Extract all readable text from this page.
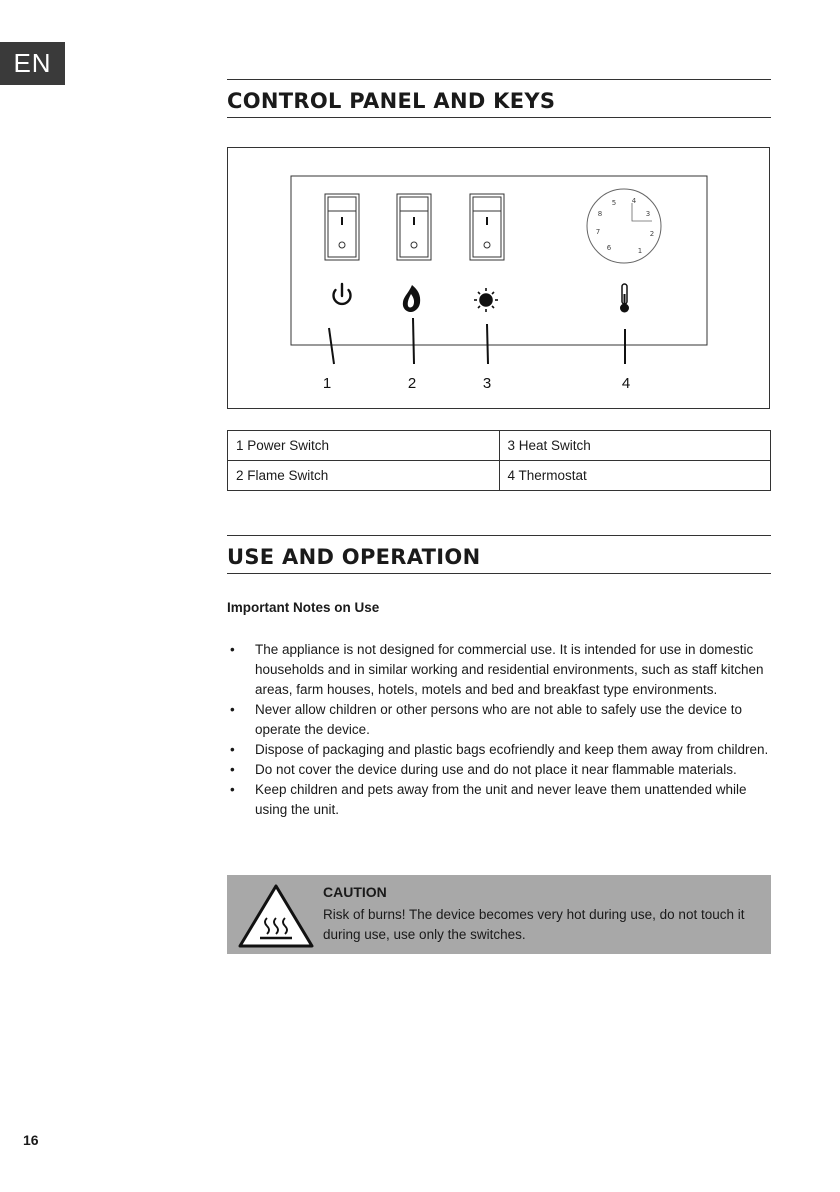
EN
CONTROL PANEL AND KEYS
5 4
3
2
1
6
7
8
1	2	3	4
1 Power Switch	3 Heat Switch
2 Flame Switch	4 Thermostat
USE AND OPERATION
Important Notes on Use
• The appliance is not designed for commercial use. It is intended for use in domestic households and in similar working and residential environments, such as staff kitchen areas, farm houses, hotels, motels and bed and breakfast type environments.
• Never allow children or other persons who are not able to safely use the device to operate the device.
• Dispose of packaging and plastic bags ecofriendly and keep them away from children.
• Do not cover the device during use and do not place it near flammable materials.
• Keep children and pets away from the unit and never leave them unattended while using the unit.
CAUTION
Risk of burns! The device becomes very hot during use, do not touch it during use, use only the switches.
16
